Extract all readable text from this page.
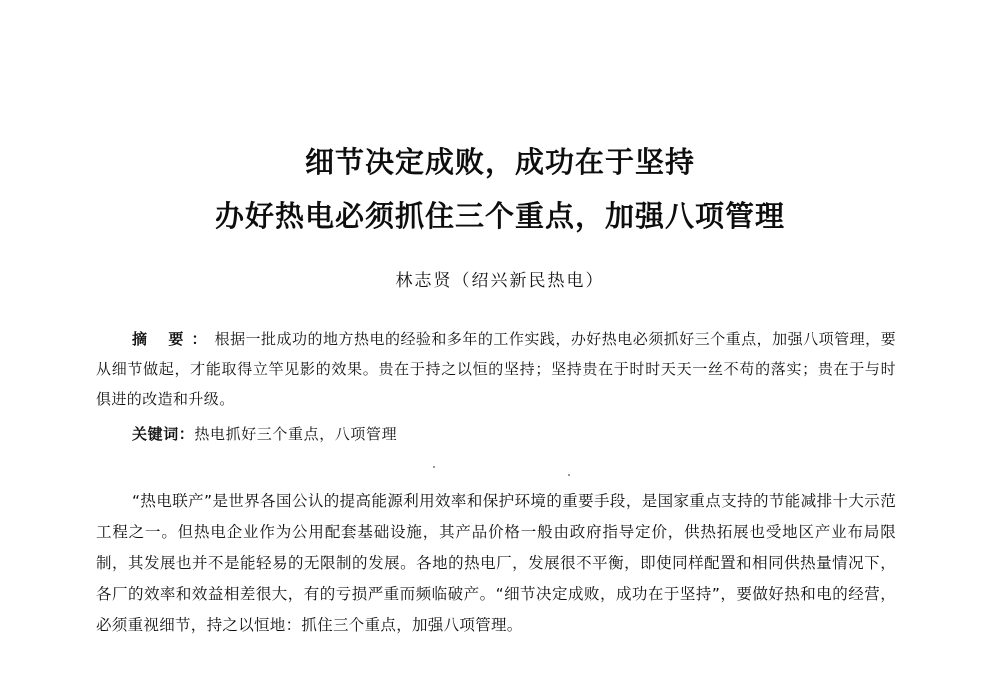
细节决定成败，成功在于坚持
办好热电必须抓住三个重点，加强八项管理
林志贤（绍兴新民热电）
摘 要：根据一批成功的地方热电的经验和多年的工作实践，办好热电必须抓好三个重点，加强八项管理，要从细节做起，才能取得立竿见影的效果。贵在于持之以恒的坚持；坚持贵在于时时天天一丝不苟的落实；贵在于与时俱进的改造和升级。
关键词：热电抓好三个重点，八项管理
“热电联产”是世界各国公认的提高能源利用效率和保护环境的重要手段，是国家重点支持的节能减排十大示范工程之一。但热电企业作为公用配套基础设施，其产品价格一般由政府指导定价，供热拓展也受地区产业布局限制，其发展也并不是能轻易的无限制的发展。各地的热电厂，发展很不平衡，即使同样配置和相同供热量情况下，各厂的效率和效益相差很大，有的亏损严重而频临破产。“细节决定成败，成功在于坚持”，要做好热和电的经营，必须重视细节，持之以恒地：抓住三个重点，加强八项管理。
